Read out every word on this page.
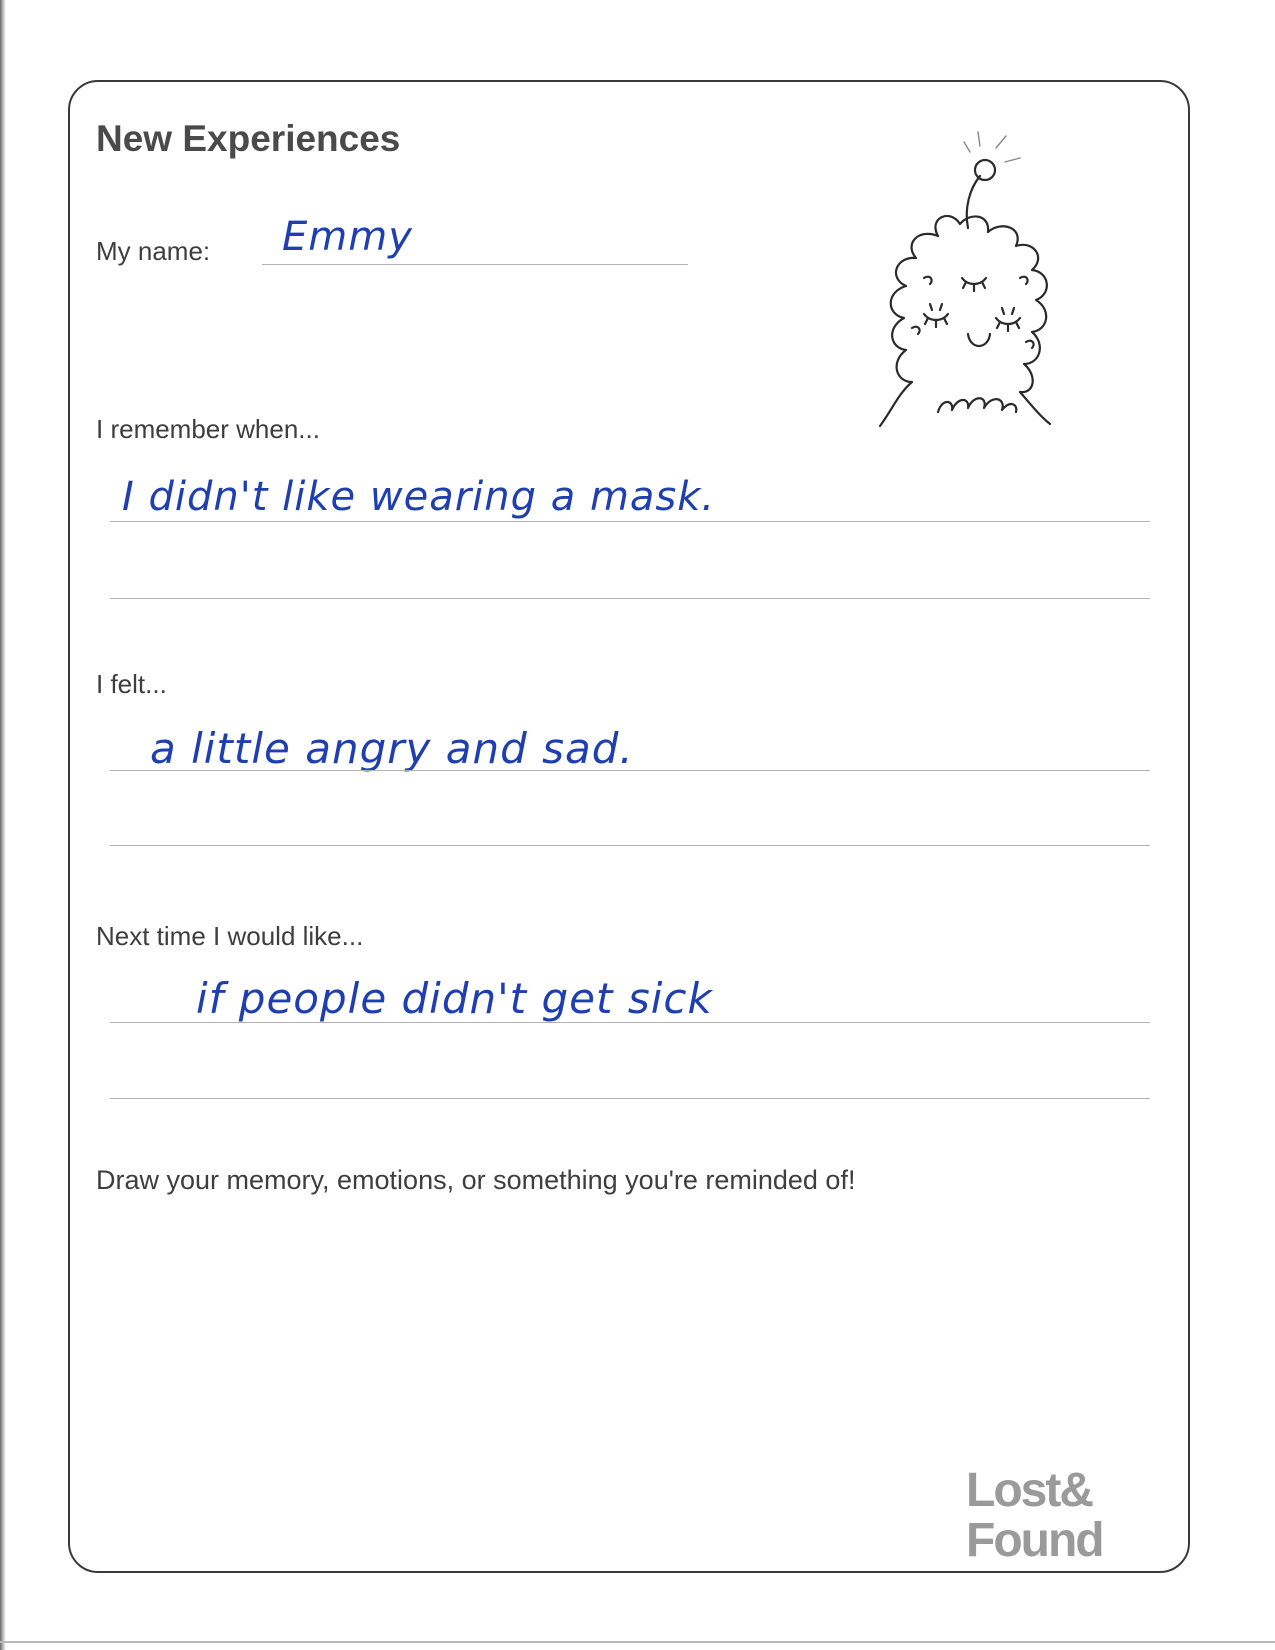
New Experiences
My name: Emmy
I remember when...
I didn't like wearing a mask.
I felt...
a little angry and sad.
Next time I would like...
if people didn't get sick
Draw your memory, emotions, or something you're reminded of!
Lost&
Found
